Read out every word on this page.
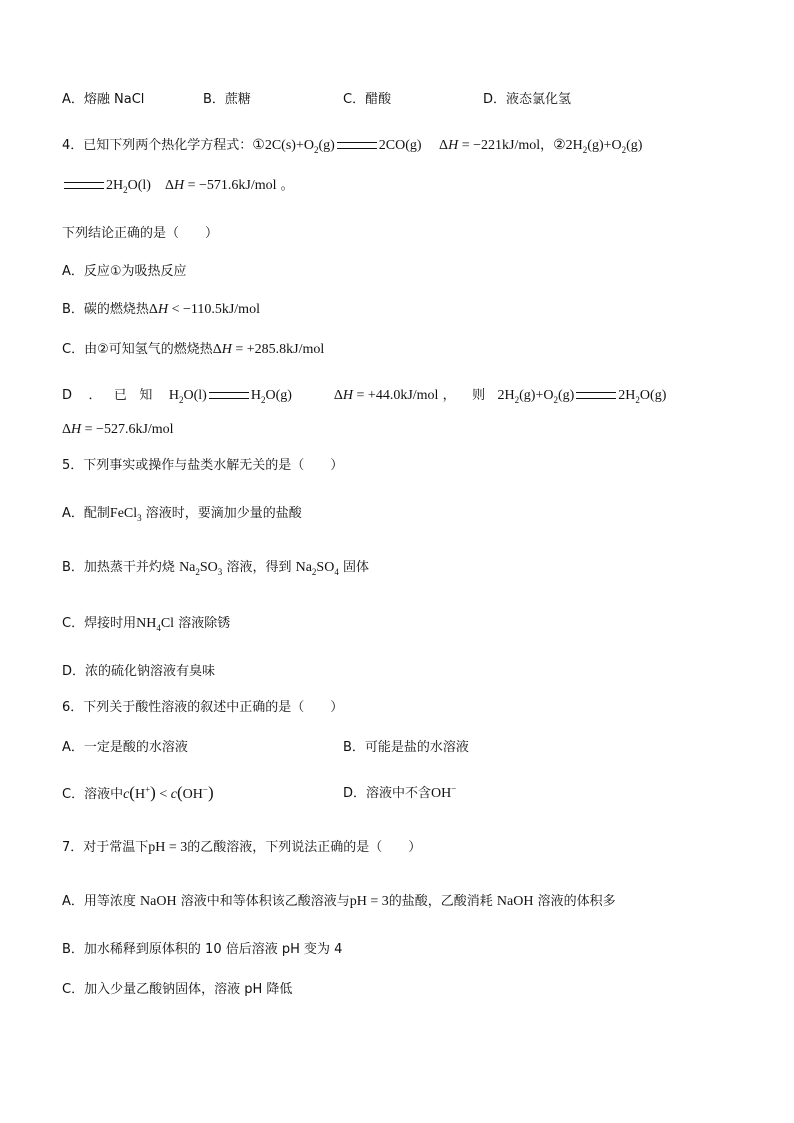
A．熔融 NaCl	B．蔗糖	C．醋酸	D．液态氯化氢
4．已知下列两个热化学方程式：$①2C(s)+O_2(g)$	2CO(g)     ΔH = −221kJ/mol，$②2H_2(g)+O_2(g)$
$2H_2O(l)$    ΔH = −571.6kJ/mol 。
下列结论正确的是（　　）
A．反应①为吸热反应
B．碳的燃烧热ΔH < −110.5kJ/mol
C．由②可知氢气的燃烧热ΔH = +285.8kJ/mol
D    ．   已   知    $H_2O(l)$	$H_2O(g)$            ΔH = +44.0kJ/mol ，    则   $2H_2(g)+O_2(g)$	$2H_2O(g)$
ΔH = −527.6kJ/mol
5．下列事实或操作与盐类水解无关的是（　　）
A．配制FeCl$_3$ 溶液时，要滴加少量的盐酸
B．加热蒸干并灼烧 $Na_2SO_3$ 溶液，得到 $Na_2SO_4$ 固体
C．焊接时用$NH_4Cl$ 溶液除锈
D．浓的硫化钠溶液有臭味
6．下列关于酸性溶液的叙述中正确的是（　　）
A．一定是酸的水溶液	B．可能是盐的水溶液
C．溶液中c(H+) < c(OH−)	D．溶液中不含OH−
7．对于常温下pH = 3的乙酸溶液，下列说法正确的是（　　）
A．用等浓度 NaOH 溶液中和等体积该乙酸溶液与pH = 3的盐酸，乙酸消耗 NaOH 溶液的体积多
B．加水稀释到原体积的 10 倍后溶液 pH 变为 4
C．加入少量乙酸钠固体，溶液 pH 降低
